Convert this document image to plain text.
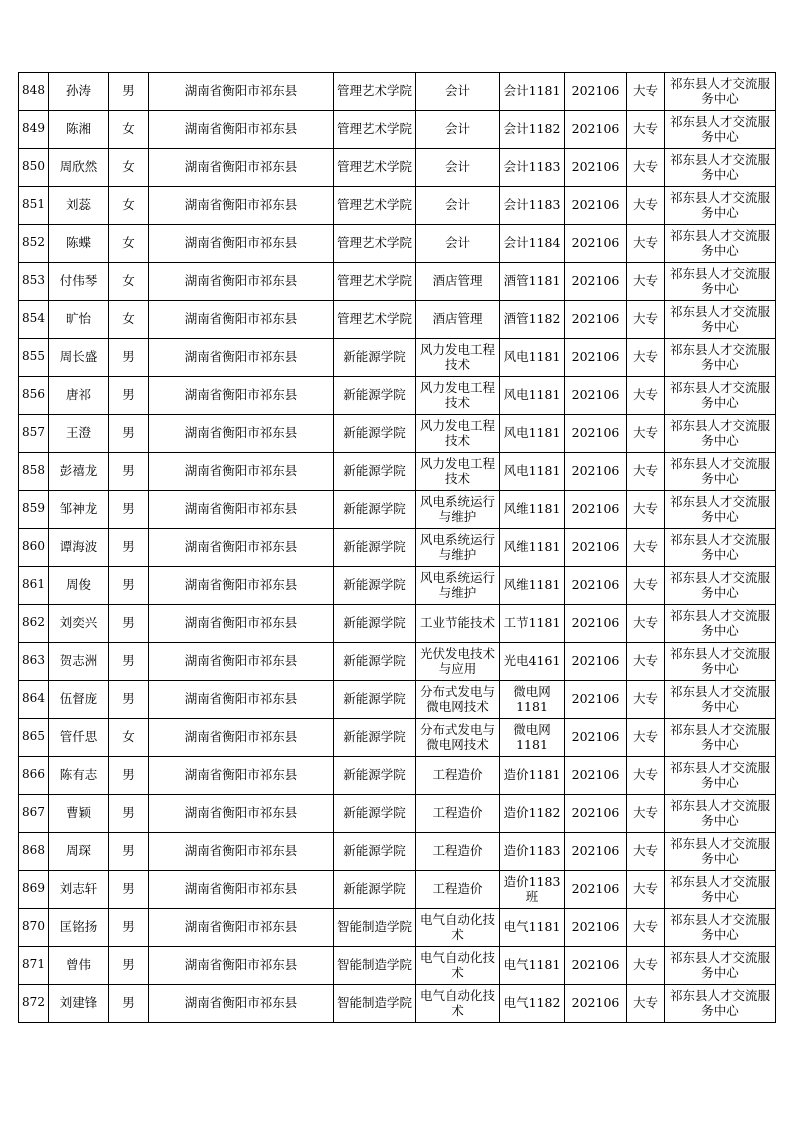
848	孙涛	男	湖南省衡阳市祁东县	管理艺术学院	会计	会计1181	202106	大专	祁东县人才交流服务中心

849	陈湘	女	湖南省衡阳市祁东县	管理艺术学院	会计	会计1182	202106	大专	祁东县人才交流服务中心

850	周欣然	女	湖南省衡阳市祁东县	管理艺术学院	会计	会计1183	202106	大专	祁东县人才交流服务中心

851	刘蕊	女	湖南省衡阳市祁东县	管理艺术学院	会计	会计1183	202106	大专	祁东县人才交流服务中心

852	陈蝶	女	湖南省衡阳市祁东县	管理艺术学院	会计	会计1184	202106	大专	祁东县人才交流服务中心

853	付伟琴	女	湖南省衡阳市祁东县	管理艺术学院	酒店管理	酒管1181	202106	大专	祁东县人才交流服务中心

854	旷怡	女	湖南省衡阳市祁东县	管理艺术学院	酒店管理	酒管1182	202106	大专	祁东县人才交流服务中心

855	周长盛	男	湖南省衡阳市祁东县	新能源学院	风力发电工程技术	风电1181	202106	大专	祁东县人才交流服务中心

856	唐祁	男	湖南省衡阳市祁东县	新能源学院	风力发电工程技术	风电1181	202106	大专	祁东县人才交流服务中心

857	王澄	男	湖南省衡阳市祁东县	新能源学院	风力发电工程技术	风电1181	202106	大专	祁东县人才交流服务中心

858	彭禧龙	男	湖南省衡阳市祁东县	新能源学院	风力发电工程技术	风电1181	202106	大专	祁东县人才交流服务中心

859	邹神龙	男	湖南省衡阳市祁东县	新能源学院	风电系统运行与维护	风维1181	202106	大专	祁东县人才交流服务中心

860	谭海波	男	湖南省衡阳市祁东县	新能源学院	风电系统运行与维护	风维1181	202106	大专	祁东县人才交流服务中心

861	周俊	男	湖南省衡阳市祁东县	新能源学院	风电系统运行与维护	风维1181	202106	大专	祁东县人才交流服务中心

862	刘奕兴	男	湖南省衡阳市祁东县	新能源学院	工业节能技术	工节1181	202106	大专	祁东县人才交流服务中心

863	贺志洲	男	湖南省衡阳市祁东县	新能源学院	光伏发电技术与应用	光电4161	202106	大专	祁东县人才交流服务中心

864	伍督庞	男	湖南省衡阳市祁东县	新能源学院	分布式发电与微电网技术	微电网1181	202106	大专	祁东县人才交流服务中心

865	管仟思	女	湖南省衡阳市祁东县	新能源学院	分布式发电与微电网技术	微电网1181	202106	大专	祁东县人才交流服务中心

866	陈有志	男	湖南省衡阳市祁东县	新能源学院	工程造价	造价1181	202106	大专	祁东县人才交流服务中心

867	曹颖	男	湖南省衡阳市祁东县	新能源学院	工程造价	造价1182	202106	大专	祁东县人才交流服务中心

868	周琛	男	湖南省衡阳市祁东县	新能源学院	工程造价	造价1183	202106	大专	祁东县人才交流服务中心

869	刘志轩	男	湖南省衡阳市祁东县	新能源学院	工程造价	造价1183班	202106	大专	祁东县人才交流服务中心

870	匡铭扬	男	湖南省衡阳市祁东县	智能制造学院	电气自动化技术	电气1181	202106	大专	祁东县人才交流服务中心

871	曾伟	男	湖南省衡阳市祁东县	智能制造学院	电气自动化技术	电气1181	202106	大专	祁东县人才交流服务中心

872	刘建锋	男	湖南省衡阳市祁东县	智能制造学院	电气自动化技术	电气1182	202106	大专	祁东县人才交流服务中心
